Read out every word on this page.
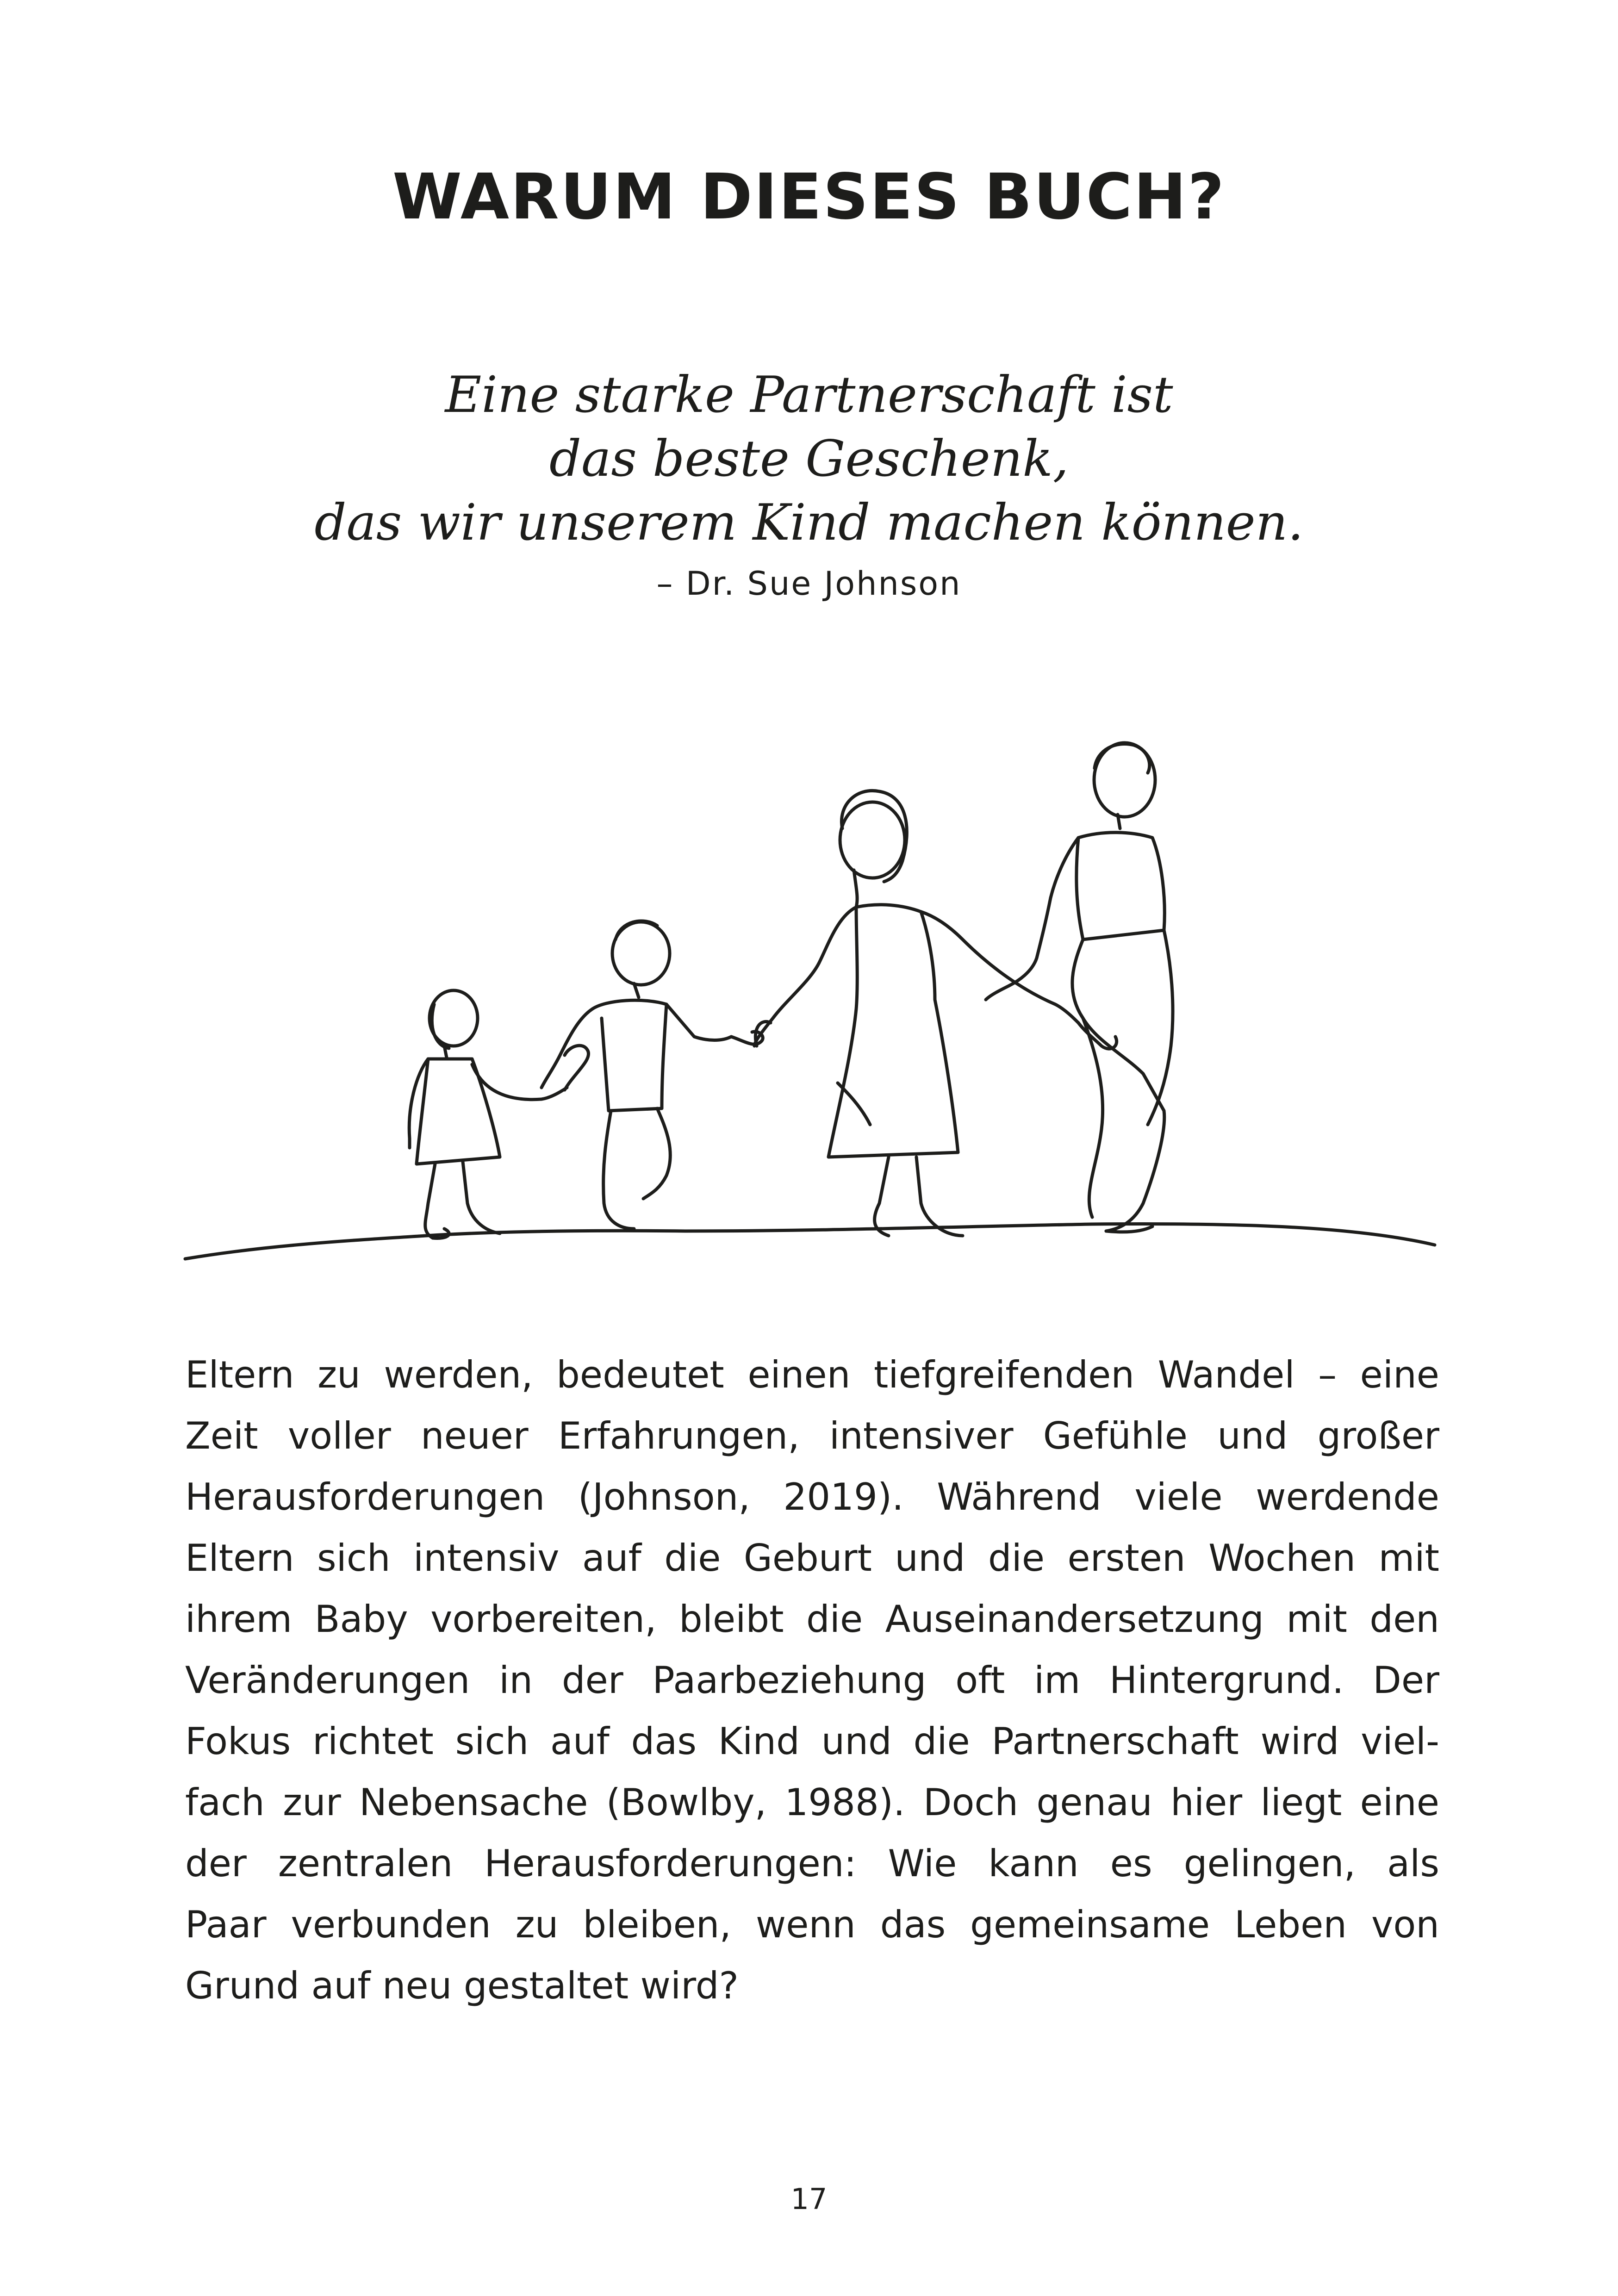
WARUM DIESES BUCH?
Eine starke Partnerschaft ist
das beste Geschenk,
das wir unserem Kind machen können.
– Dr. Sue Johnson
Eltern zu werden, bedeutet einen tiefgreifenden Wandel – eine
Zeit voller neuer Erfahrungen, intensiver Gefühle und großer
Herausforderungen (Johnson, 2019). Während viele werdende
Eltern sich intensiv auf die Geburt und die ersten Wochen mit
ihrem Baby vorbereiten, bleibt die Auseinandersetzung mit den
Veränderungen in der Paarbeziehung oft im Hintergrund. Der
Fokus richtet sich auf das Kind und die Partnerschaft wird viel-
fach zur Nebensache (Bowlby, 1988). Doch genau hier liegt eine
der zentralen Herausforderungen: Wie kann es gelingen, als
Paar verbunden zu bleiben, wenn das gemeinsame Leben von
Grund auf neu gestaltet wird?
17
